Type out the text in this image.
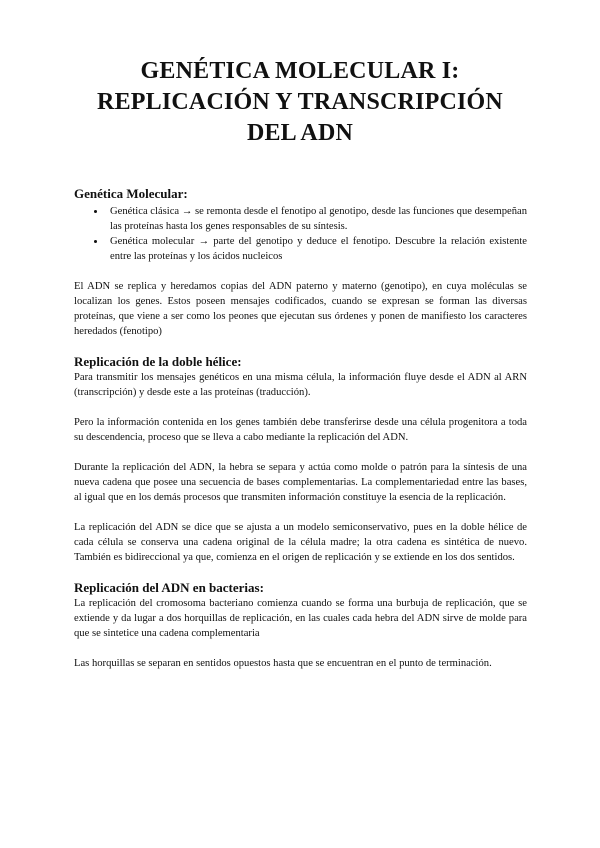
GENÉTICA MOLECULAR I:
REPLICACIÓN Y TRANSCRIPCIÓN
DEL ADN
Genética Molecular:
• Genética clásica → se remonta desde el fenotipo al genotipo, desde las funciones que desempeñan las proteínas hasta los genes responsables de su síntesis.
• Genética molecular → parte del genotipo y deduce el fenotipo. Descubre la relación existente entre las proteínas y los ácidos nucleicos

El ADN se replica y heredamos copias del ADN paterno y materno (genotipo), en cuya moléculas se localizan los genes. Estos poseen mensajes codificados, cuando se expresan se forman las diversas proteínas, que viene a ser como los peones que ejecutan sus órdenes y ponen de manifiesto los caracteres heredados (fenotipo)

Replicación de la doble hélice:

Para transmitir los mensajes genéticos en una misma célula, la información fluye desde el ADN al ARN (transcripción) y desde este a las proteínas (traducción).

Pero la información contenida en los genes también debe transferirse desde una célula progenitora a toda su descendencia, proceso que se lleva a cabo mediante la replicación del ADN.

Durante la replicación del ADN, la hebra se separa y actúa como molde o patrón para la síntesis de una nueva cadena que posee una secuencia de bases complementarias. La complementariedad entre las bases, al igual que en los demás procesos que transmiten información constituye la esencia de la replicación.

La replicación del ADN se dice que se ajusta a un modelo semiconservativo, pues en la doble hélice de cada célula se conserva una cadena original de la célula madre; la otra cadena es sintética de nuevo. También es bidireccional ya que, comienza en el origen de replicación y se extiende en los dos sentidos.

Replicación del ADN en bacterias:

La replicación del cromosoma bacteriano comienza cuando se forma una burbuja de replicación, que se extiende y da lugar a dos horquillas de replicación, en las cuales cada hebra del ADN sirve de molde para que se sintetice una cadena complementaria

Las horquillas se separan en sentidos opuestos hasta que se encuentran en el punto de terminación.
